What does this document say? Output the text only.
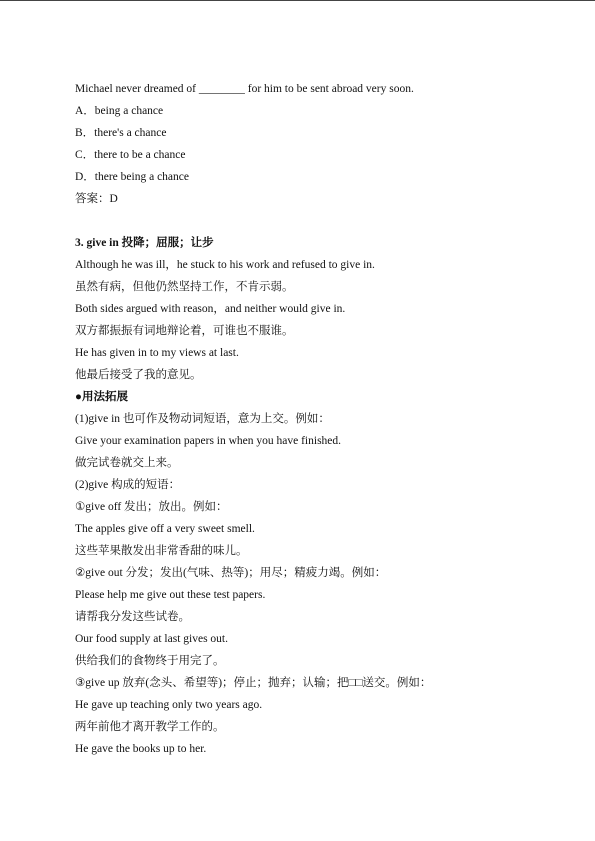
Michael never dreamed of ________ for him to be sent abroad very soon.
A．being a chance
B．there's a chance
C．there to be a chance
D．there being a chance
答案：D
3. give in 投降；屈服；让步
Although he was ill，he stuck to his work and refused to give in.
虽然有病，但他仍然坚持工作，不肯示弱。
Both sides argued with reason，and neither would give in.
双方都振振有词地辩论着，可谁也不服谁。
He has given in to my views at last.
他最后接受了我的意见。
●用法拓展
(1)give in 也可作及物动词短语，意为上交。例如：
Give your examination papers in when you have finished.
做完试卷就交上来。
(2)give 构成的短语：
①give off 发出；放出。例如：
The apples give off a very sweet smell.
这些苹果散发出非常香甜的味儿。
②give out 分发；发出(气味、热等)；用尽；精疲力竭。例如：
Please help me give out these test papers.
请帮我分发这些试卷。
Our food supply at last gives out.
供给我们的食物终于用完了。
③give up 放弃(念头、希望等)；停止；抛弃；认输；把□□送交。例如：
He gave up teaching only two years ago.
两年前他才离开教学工作的。
He gave the books up to her.
